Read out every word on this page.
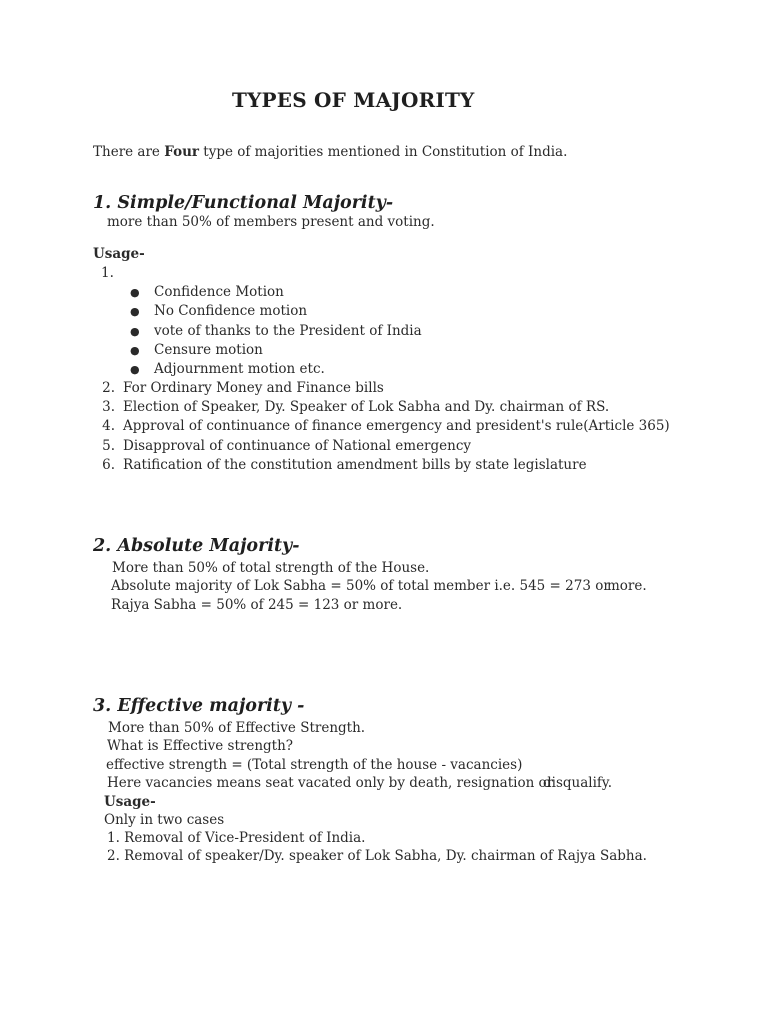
TYPES OF MAJORITY
There are Four type of majorities mentioned in Constitution of India.
1. Simple/Functional Majority-
more than 50% of members present and voting.
Usage-
1.
● Confidence Motion
● No Confidence motion
● vote of thanks to the President of India
● Censure motion
● Adjournment motion etc.
2. For Ordinary Money and Finance bills
3. Election of Speaker, Dy. Speaker of Lok Sabha and Dy. chairman of RS.
4. Approval of continuance of finance emergency and president's rule(Article 365)
5. Disapproval of continuance of National emergency
6. Ratification of the constitution amendment bills by state legislature
2. Absolute Majority-
More than 50% of total strength of the House.
Absolute majority of Lok Sabha = 50% of total member i.e. 545 = 273 or
more.
Rajya Sabha = 50% of 245 = 123 or more.
3. Effective majority -
More than 50% of Effective Strength.
What is Effective strength?
effective strength = (Total strength of the house - vacancies)
Here vacancies means seat vacated only by death, resignation or
disqualify.
Usage-
Only in two cases
1. Removal of Vice-President of India.
2. Removal of speaker/Dy. speaker of Lok Sabha, Dy. chairman of Rajya Sabha.
